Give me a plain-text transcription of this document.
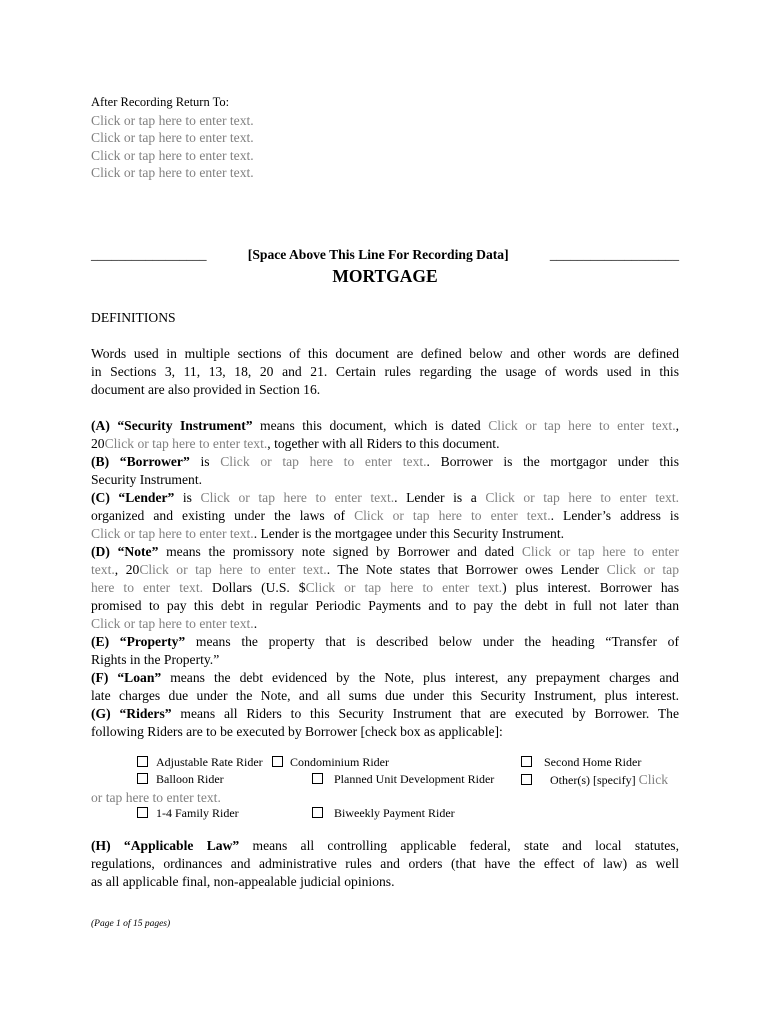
After Recording Return To:
Click or tap here to enter text.
Click or tap here to enter text.
Click or tap here to enter text.
Click or tap here to enter text.
_________________	[Space Above This Line For Recording Data]	___________________
MORTGAGE
DEFINITIONS
Words used in multiple sections of this document are defined below and other words are defined
in Sections 3, 11, 13, 18, 20 and 21. Certain rules regarding the usage of words used in this
document are also provided in Section 16.
(A) “Security Instrument” means this document, which is dated Click or tap here to enter text.,
20Click or tap here to enter text., together with all Riders to this document.
(B) “Borrower” is Click or tap here to enter text.. Borrower is the mortgagor under this
Security Instrument.
(C) “Lender” is Click or tap here to enter text.. Lender is a Click or tap here to enter text.
organized and existing under the laws of Click or tap here to enter text.. Lender’s address is
Click or tap here to enter text.. Lender is the mortgagee under this Security Instrument.
(D) “Note” means the promissory note signed by Borrower and dated Click or tap here to enter
text., 20Click or tap here to enter text.. The Note states that Borrower owes Lender Click or tap
here to enter text. Dollars (U.S. $Click or tap here to enter text.) plus interest. Borrower has
promised to pay this debt in regular Periodic Payments and to pay the debt in full not later than
Click or tap here to enter text..
(E) “Property” means the property that is described below under the heading “Transfer of
Rights in the Property.”
(F) “Loan” means the debt evidenced by the Note, plus interest, any prepayment charges and
late charges due under the Note, and all sums due under this Security Instrument, plus interest.
(G) “Riders” means all Riders to this Security Instrument that are executed by Borrower. The
following Riders are to be executed by Borrower [check box as applicable]:
Adjustable Rate Rider	Condominium Rider	Second Home Rider
Balloon Rider	Planned Unit Development Rider	Other(s) [specify] Click
or tap here to enter text.
1-4 Family Rider	Biweekly Payment Rider
(H) “Applicable Law” means all controlling applicable federal, state and local statutes,
regulations, ordinances and administrative rules and orders (that have the effect of law) as well
as all applicable final, non-appealable judicial opinions.
(Page 1 of 15 pages)
